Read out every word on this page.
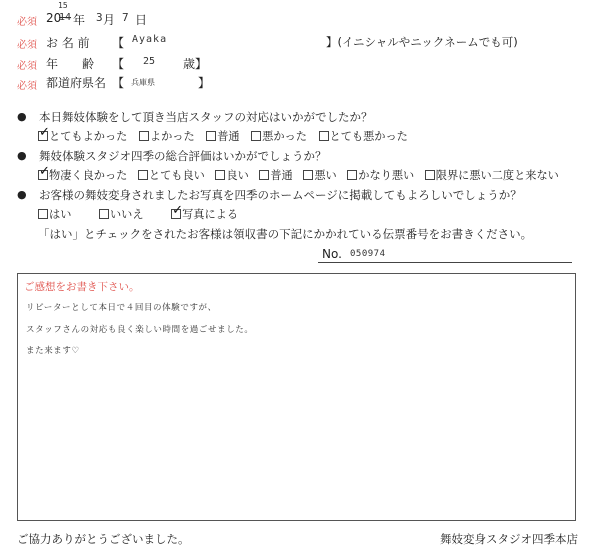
必須 20
15
14 年 3 月 7 日
必須 お 名 前 【 Ayaka	】(イニシャルやニックネームでも可)
必須 年　　齢 【 25 歳】
必須 都道府県名 【 兵庫県	】
● 本日舞妓体験をして頂き当店スタッフの対応はいかがでしたか？
✓とてもよかった よかった 普通 悪かった とても悪かった
● 舞妓体験スタジオ四季の総合評価はいかがでしょうか？
✓物凄く良かった とても良い 良い 普通 悪い かなり悪い 限界に悪い二度と来ない
● お客様の舞妓変身されましたお写真を四季のホームページに掲載してもよろしいでしょうか？
はい	いいえ ✓	写真による
「はい」とチェックをされたお客様は領収書の下記にかかれている伝票番号をお書きください。
No. 050974
ご感想をお書き下さい。
リピーターとして本日で４回目の体験ですが、
スタッフさんの対応も良く楽しい時間を過ごせました。
また来ます♡
ご協力ありがとうございました。	舞妓変身スタジオ四季本店
